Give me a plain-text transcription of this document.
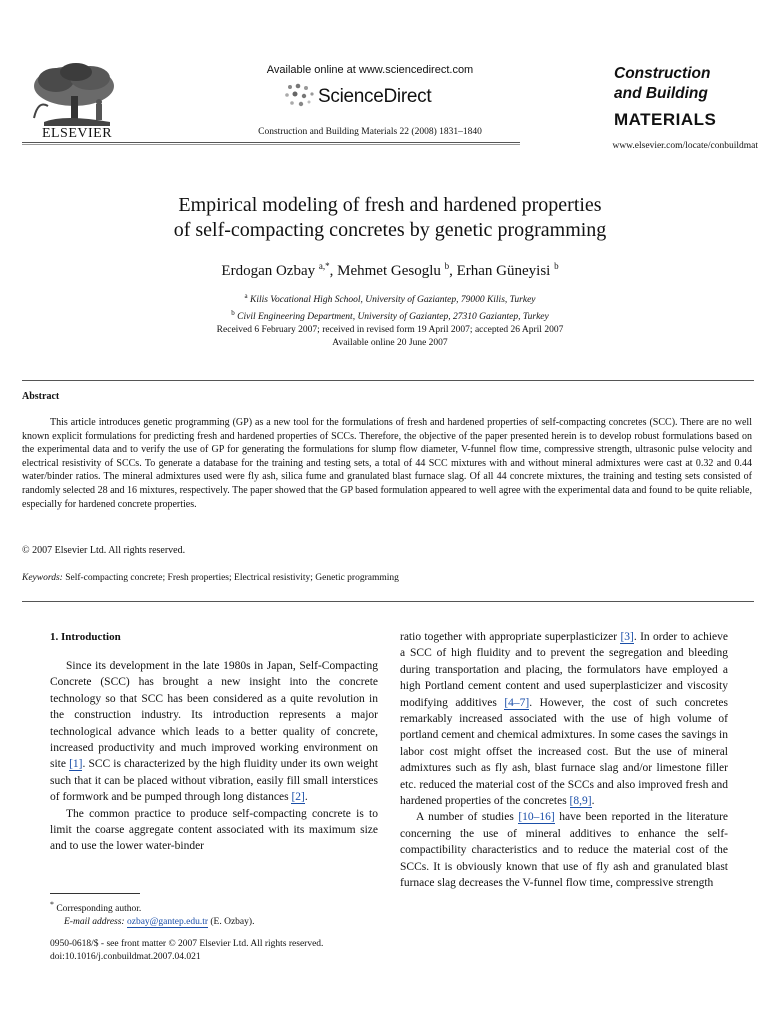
ELSEVIER
Available online at www.sciencedirect.com
ScienceDirect
Construction and Building Materials 22 (2008) 1831–1840
Construction
and Building
MATERIALS
www.elsevier.com/locate/conbuildmat
Empirical modeling of fresh and hardened properties
of self-compacting concretes by genetic programming
Erdogan Ozbay $^{a,*}$, Mehmet Gesoglu $^b$, Erhan Güneyisi $^b$
$^a$ Kilis Vocational High School, University of Gaziantep, 79000 Kilis, Turkey
$^b$ Civil Engineering Department, University of Gaziantep, 27310 Gaziantep, Turkey
Received 6 February 2007; received in revised form 19 April 2007; accepted 26 April 2007
Available online 20 June 2007
Abstract
This article introduces genetic programming (GP) as a new tool for the formulations of fresh and hardened properties of self-compacting concretes (SCC). There are no well known explicit formulations for predicting fresh and hardened properties of SCCs. Therefore, the objective of the paper presented herein is to develop robust formulations based on the experimental data and to verify the use of GP for generating the formulations for slump flow diameter, V-funnel flow time, compressive strength, ultrasonic pulse velocity and electrical resistivity of SCCs. To generate a database for the training and testing sets, a total of 44 SCC mixtures with and without mineral admixtures were cast at 0.32 and 0.44 water/binder ratios. The mineral admixtures used were fly ash, silica fume and granulated blast furnace slag. Of all 44 concrete mixtures, the training and testing sets consisted of randomly selected 28 and 16 mixtures, respectively. The paper showed that the GP based formulation appeared to well agree with the experimental data and found to be quite reliable, especially for hardened concrete properties.
© 2007 Elsevier Ltd. All rights reserved.
Keywords: Self-compacting concrete; Fresh properties; Electrical resistivity; Genetic programming
1. Introduction

Since its development in the late 1980s in Japan, Self-Compacting Concrete (SCC) has brought a new insight into the concrete technology so that SCC has been considered as a quite revolution in the construction industry. Its introduction represents a major technological advance which leads to a better quality of concrete, increased productivity and much improved working environment on site [1]. SCC is characterized by the high fluidity under its own weight such that it can be placed without vibration, easily fill small interstices of formwork and be pumped through long distances [2].

The common practice to produce self-compacting concrete is to limit the coarse aggregate content associated with its maximum size and to use the lower water-binder

ratio together with appropriate superplasticizer [3]. In order to achieve a SCC of high fluidity and to prevent the segregation and bleeding during transportation and placing, the formulators have employed a high Portland cement content and used superplasticizer and viscosity modifying additives [4–7]. However, the cost of such concretes remarkably increased associated with the use of high volume of portland cement and chemical admixtures. In some cases the savings in labor cost might offset the increased cost. But the use of mineral admixtures such as fly ash, blast furnace slag and/or limestone filler etc. reduced the material cost of the SCCs and also improved fresh and hardened properties of the concretes [8,9].

A number of studies [10–16] have been reported in the literature concerning the use of mineral additives to enhance the self-compactibility characteristics and to reduce the material cost of the SCCs. It is obviously known that use of fly ash and granulated blast furnace slag decreases the V-funnel flow time, compressive strength

* Corresponding author.
E-mail address: ozbay@gantep.edu.tr (E. Ozbay).
0950-0618/$ - see front matter © 2007 Elsevier Ltd. All rights reserved.
doi:10.1016/j.conbuildmat.2007.04.021
